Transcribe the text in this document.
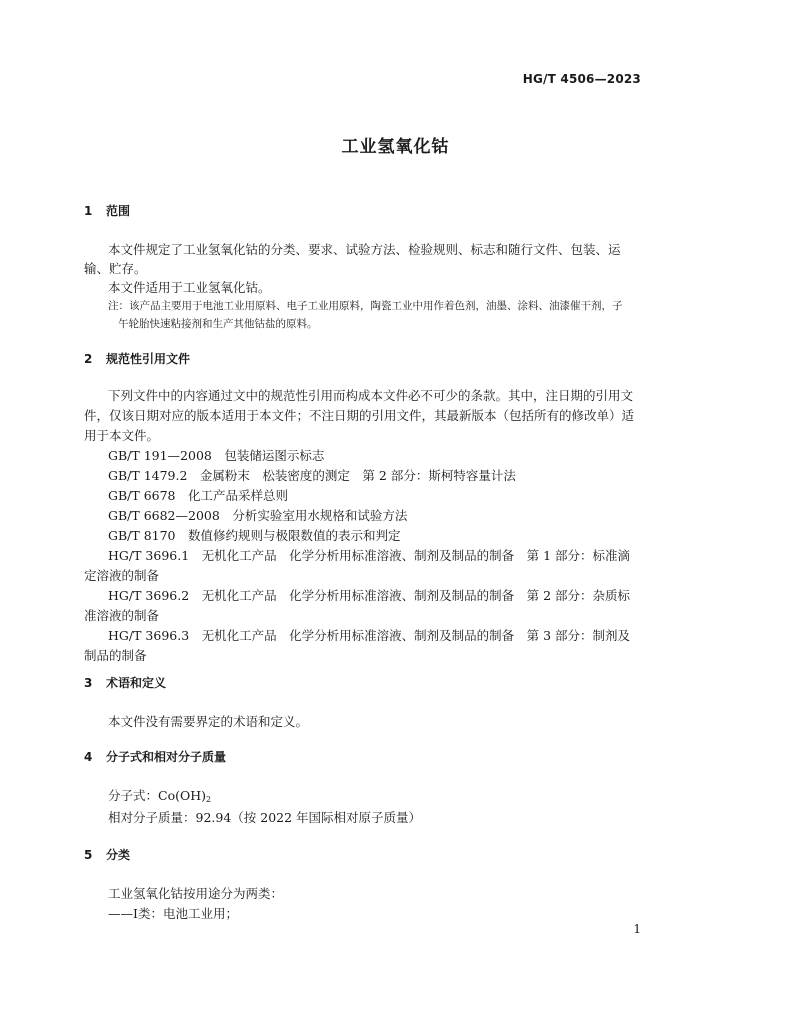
HG/T 4506—2023
工业氢氧化钴
1 范围
本文件规定了工业氢氧化钴的分类、要求、试验方法、检验规则、标志和随行文件、包装、运
输、贮存。
本文件适用于工业氢氧化钴。
注：该产品主要用于电池工业用原料、电子工业用原料，陶瓷工业中用作着色剂，油墨、涂料、油漆催干剂，子
午轮胎快速粘接剂和生产其他钴盐的原料。
2 规范性引用文件
下列文件中的内容通过文中的规范性引用而构成本文件必不可少的条款。其中，注日期的引用文
件，仅该日期对应的版本适用于本文件；不注日期的引用文件，其最新版本（包括所有的修改单）适
用于本文件。
GB/T 191—2008　包装储运图示标志
GB/T 1479.2　金属粉末　松装密度的测定　第 2 部分：斯柯特容量计法
GB/T 6678　化工产品采样总则
GB/T 6682—2008　分析实验室用水规格和试验方法
GB/T 8170　数值修约规则与极限数值的表示和判定
HG/T 3696.1　无机化工产品　化学分析用标准溶液、制剂及制品的制备　第 1 部分：标准滴
定溶液的制备
HG/T 3696.2　无机化工产品　化学分析用标准溶液、制剂及制品的制备　第 2 部分：杂质标
准溶液的制备
HG/T 3696.3　无机化工产品　化学分析用标准溶液、制剂及制品的制备　第 3 部分：制剂及
制品的制备
3 术语和定义
本文件没有需要界定的术语和定义。
4 分子式和相对分子质量
分子式：$Co(OH)_2$
相对分子质量：92.94（按 2022 年国际相对原子质量）
5 分类
工业氢氧化钴按用途分为两类：
——Ⅰ类：电池工业用；
1
